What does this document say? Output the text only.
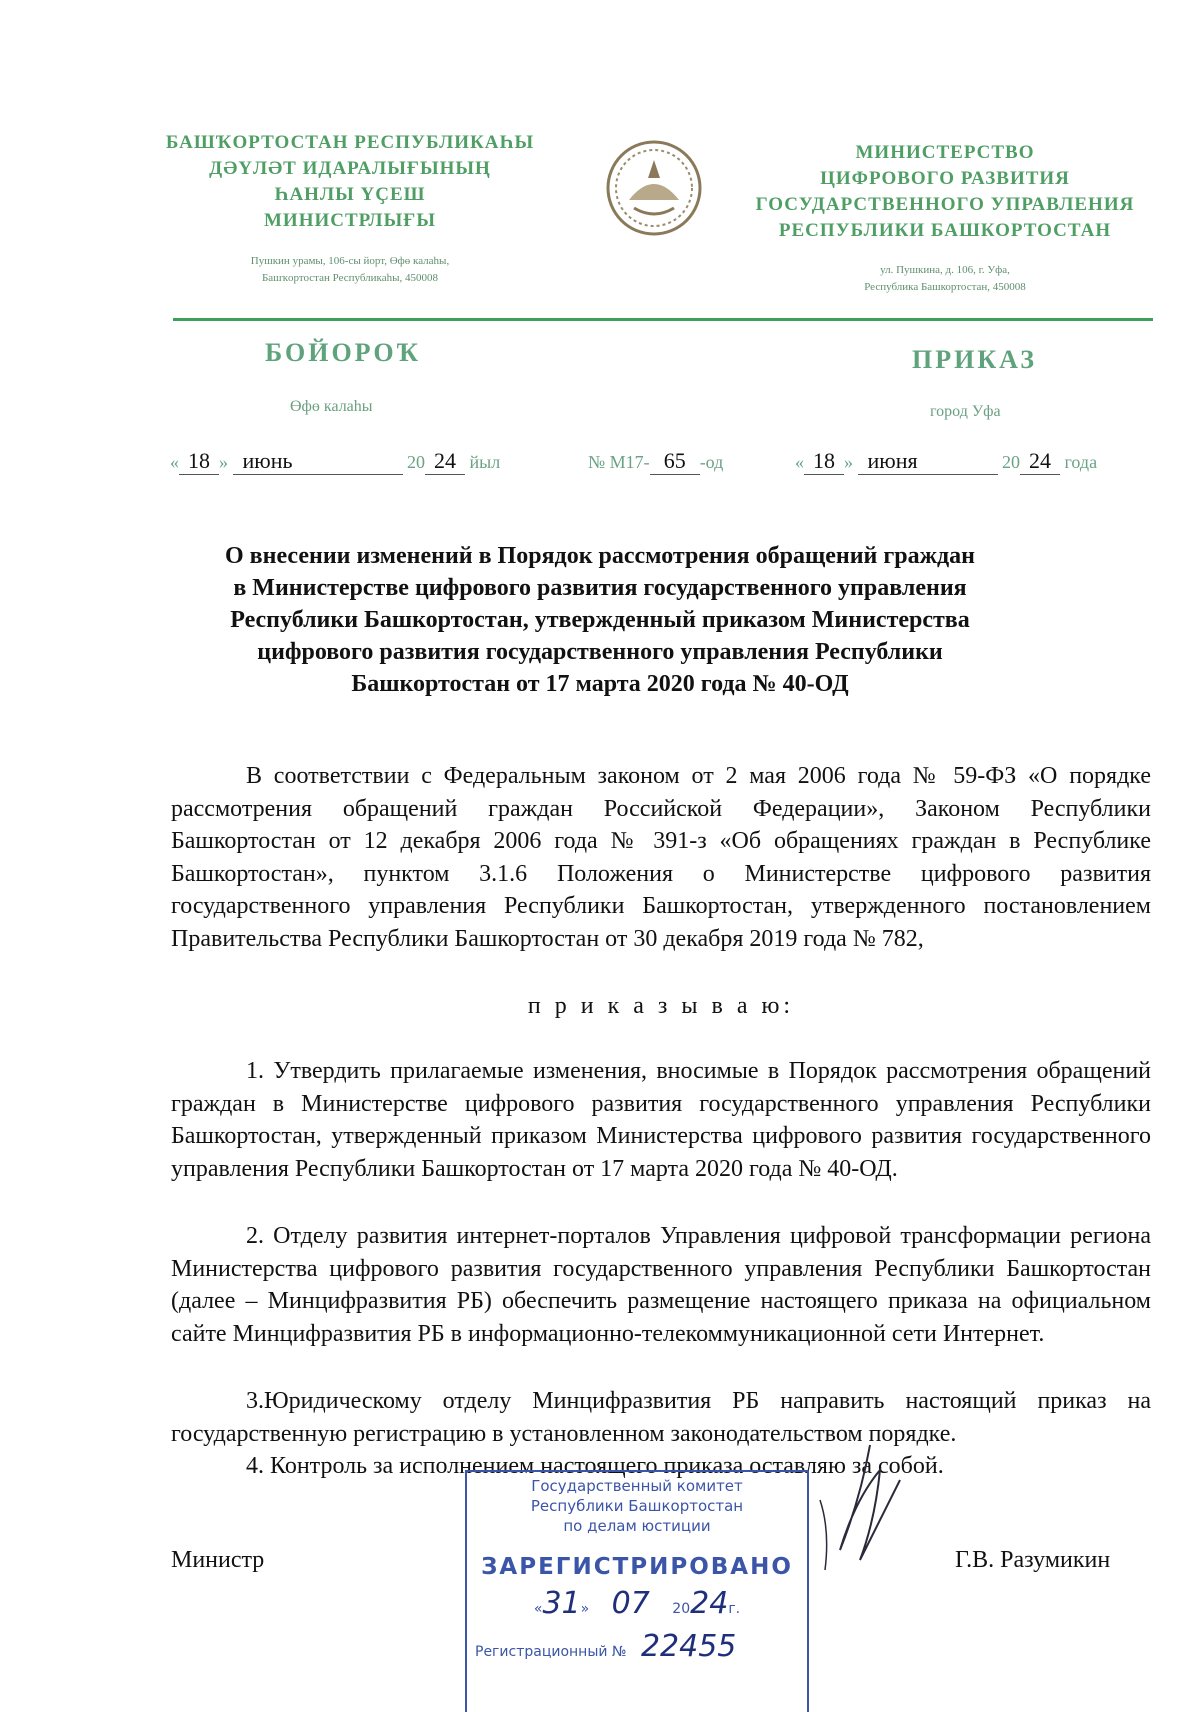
БАШҠОРТОСТАН РЕСПУБЛИКАҺЫ
ДӘҮЛӘТ ИДАРАЛЫҒЫНЫҢ
ҺАНЛЫ ҮҪЕШ
МИНИСТРЛЫҒЫ
Пушкин урамы, 106-сы йорт, Өфө калаһы,
Башҡортостан Республикаһы, 450008
МИНИСТЕРСТВО
ЦИФРОВОГО РАЗВИТИЯ
ГОСУДАРСТВЕННОГО УПРАВЛЕНИЯ
РЕСПУБЛИКИ БАШКОРТОСТАН
ул. Пушкина, д. 106, г. Уфа,
Республика Башкортостан, 450008
БОЙОРОҠ	ПРИКАЗ
Өфө калаһы	город Уфа
« 18 » июнь	20 24 йыл	№ М17- 65 -од	« 18 » июня	20 24 года
О внесении изменений в Порядок рассмотрения обращений граждан
в Министерстве цифрового развития государственного управления
Республики Башкортостан, утвержденный приказом Министерства
цифрового развития государственного управления Республики
Башкортостан от 17 марта 2020 года № 40-ОД
В соответствии с Федеральным законом от 2 мая 2006 года № 59-ФЗ «О порядке рассмотрения обращений граждан Российской Федерации», Законом Республики Башкортостан от 12 декабря 2006 года № 391-з «Об обращениях граждан в Республике Башкортостан», пунктом 3.1.6 Положения о Министерстве цифрового развития государственного управления Республики Башкортостан, утвержденного постановлением Правительства Республики Башкортостан от 30 декабря 2019 года № 782,
п р и к а з ы в а ю:
1. Утвердить прилагаемые изменения, вносимые в Порядок рассмотрения обращений граждан в Министерстве цифрового развития государственного управления Республики Башкортостан, утвержденный приказом Министерства цифрового развития государственного управления Республики Башкортостан от 17 марта 2020 года № 40-ОД.
2. Отделу развития интернет-порталов Управления цифровой трансформации региона Министерства цифрового развития государственного управления Республики Башкортостан (далее – Минцифразвития РБ) обеспечить размещение настоящего приказа на официальном сайте Минцифразвития РБ в информационно-телекоммуникационной сети Интернет.
3.Юридическому отделу Минцифразвития РБ направить настоящий приказ на государственную регистрацию в установленном законодательством порядке.
4. Контроль за исполнением настоящего приказа оставляю за собой.
Министр	Г.В. Разумикин
Государственный комитет
Республики Башкортостан
по делам юстиции
ЗАРЕГИСТРИРОВАНО
«31» 07 2024г.
Регистрационный № 22455
